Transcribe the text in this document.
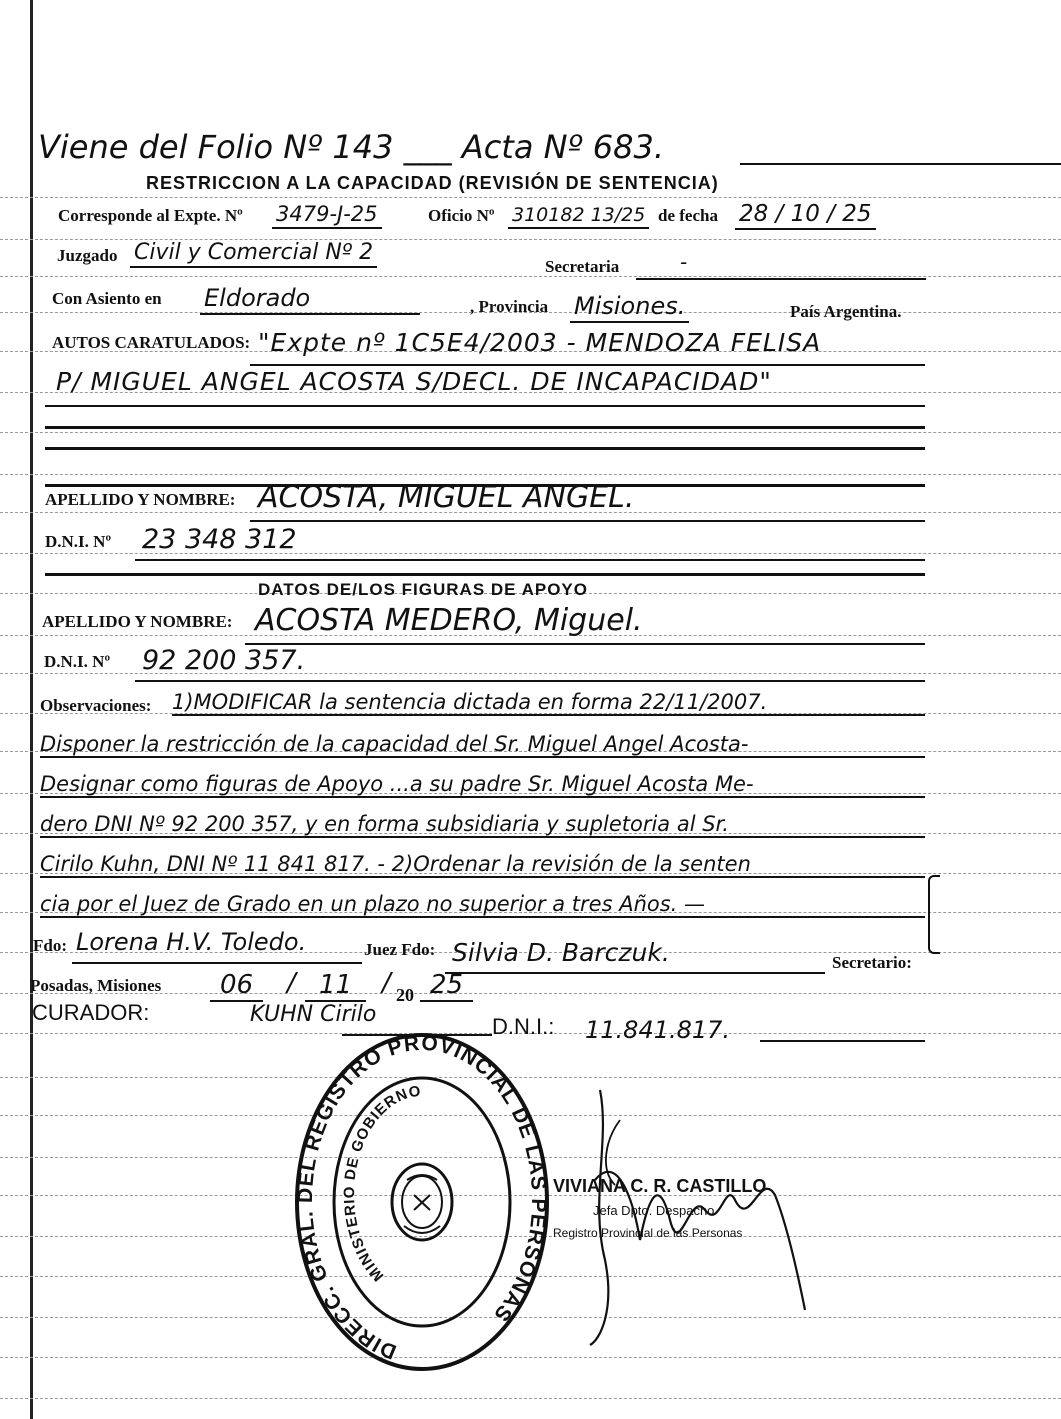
Viene del Folio Nº 143 ___ Acta Nº 683.
RESTRICCION A LA CAPACIDAD (REVISIÓN DE SENTENCIA)
Corresponde al Expte. Nº 3479-J-25	Oficio Nº 310182 13/25 de fecha 28 / 10 / 25
Juzgado Civil y Comercial Nº 2
Secretaria	-
Con Asiento en Eldorado	, Provincia Misiones.	País Argentina.
AUTOS CARATULADOS: "Expte nº 1C5E4/2003 - MENDOZA FELISA
P/ MIGUEL ANGEL ACOSTA S/DECL. DE INCAPACIDAD"
APELLIDO Y NOMBRE: ACOSTA, MIGUEL ANGEL.
D.N.I. Nº 23 348 312
DATOS DE/LOS FIGURAS DE APOYO
APELLIDO Y NOMBRE: ACOSTA MEDERO, Miguel.
D.N.I. Nº 92 200 357.
Observaciones: 1)MODIFICAR la sentencia dictada en forma 22/11/2007.
Disponer la restricción de la capacidad del Sr. Miguel Angel Acosta-
Designar como figuras de Apoyo ...a su padre Sr. Miguel Acosta Me-
dero DNI Nº 92 200 357, y en forma subsidiaria y supletoria al Sr.
Cirilo Kuhn, DNI Nº 11 841 817. - 2)Ordenar la revisión de la senten
cia por el Juez de Grado en un plazo no superior a tres Años. —
Fdo: Lorena H.V. Toledo.	Juez Fdo: Silvia D. Barczuk.	Secretario:
Posadas, Misiones	06	/ 11	/ 20 25
CURADOR:	KUHN Cirilo	D.N.I.: 11.841.817.
DIRECC. GRAL. DEL REGISTRO PROVINCIAL DE LAS PERSONAS
MINISTERIO DE GOBIERNO
VIVIANA C. R. CASTILLO
Jefa Dpto. Despacho
Registro Provincial de las Personas
